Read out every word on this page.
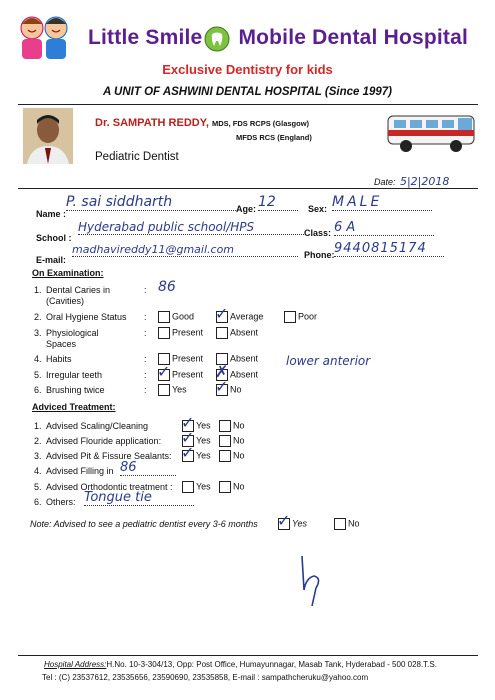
Little Smile Mobile Dental Hospital
Exclusive Dentistry for kids
A UNIT OF ASHWINI DENTAL HOSPITAL (Since 1997)
Dr. SAMPATH REDDY, MDS, FDS RCPS (Glasgow)
MFDS RCS (England)
Pediatric Dentist
Date: 5|2|2018
Name :
P. sai siddharth	Age: 12	Sex: MALE
School :
Hyderabad public school/HPS	Class: 6 A
E-mail:
madhavireddy11@gmail.com	Phone: 9440815174
On Examination:
1. Dental Caries in
(Cavities)
: 86
2. Oral Hygiene Status :	Good ✓ Average	Poor
3. Physiological
Spaces
:	Present	Absent
4. Habits	:	Present	Absent
5. Irregular teeth	: ✓ Present ✗ Absent
lower anterior
6. Brushing twice	:	Yes ✓ No
Adviced Treatment:
1. Advised Scaling/Cleaning ✓ Yes	No
2. Advised Flouride application: ✓ Yes	No
3. Advised Pit & Fissure Sealants: ✓ Yes	No
4. Advised Filling in 86
5. Advised Orthodontic treatment :	Yes	No
6. Others: Tongue tie
Note: Advised to see a pediatric dentist every 3-6 months ✓ Yes	No
Hospital Address:H.No. 10-3-304/13, Opp: Post Office, Humayunnagar, Masab Tank, Hyderabad - 500 028.T.S.
Tel : (C) 23537612, 23535656, 23590690, 23535858, E-mail : sampathcheruku@yahoo.com
